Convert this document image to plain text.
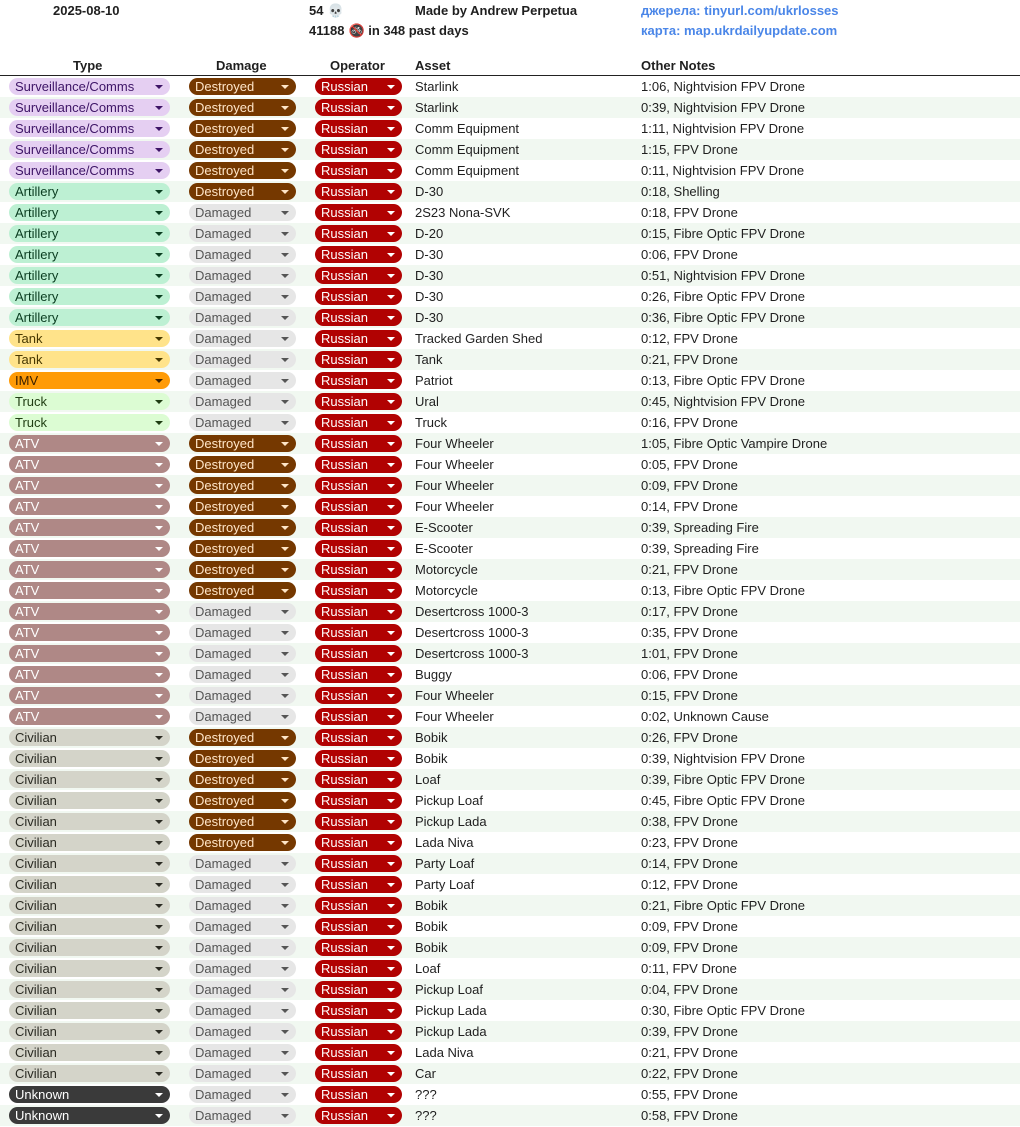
2025-08-10	54 💀
41188 🚳 in 348 past days
Made by Andrew Perpetua	джерела: tinyurl.com/ukrlosses
карта: map.ukrdailyupdate.com
Type	Damage	Operator Asset	Other Notes
Surveillance/Comms	Destroyed	Russian	Starlink	1:06, Nightvision FPV Drone
Surveillance/Comms	Destroyed	Russian	Starlink	0:39, Nightvision FPV Drone
Surveillance/Comms	Destroyed	Russian	Comm Equipment	1:11, Nightvision FPV Drone
Surveillance/Comms	Destroyed	Russian	Comm Equipment	1:15, FPV Drone
Surveillance/Comms	Destroyed	Russian	Comm Equipment	0:11, Nightvision FPV Drone
Artillery	Destroyed	Russian	D-30	0:18, Shelling
Artillery	Damaged	Russian	2S23 Nona-SVK	0:18, FPV Drone
Artillery	Damaged	Russian	D-20	0:15, Fibre Optic FPV Drone
Artillery	Damaged	Russian	D-30	0:06, FPV Drone
Artillery	Damaged	Russian	D-30	0:51, Nightvision FPV Drone
Artillery	Damaged	Russian	D-30	0:26, Fibre Optic FPV Drone
Artillery	Damaged	Russian	D-30	0:36, Fibre Optic FPV Drone
Tank	Damaged	Russian	Tracked Garden Shed	0:12, FPV Drone
Tank	Damaged	Russian	Tank	0:21, FPV Drone
IMV	Damaged	Russian	Patriot	0:13, Fibre Optic FPV Drone
Truck	Damaged	Russian	Ural	0:45, Nightvision FPV Drone
Truck	Damaged	Russian	Truck	0:16, FPV Drone
ATV	Destroyed	Russian	Four Wheeler	1:05, Fibre Optic Vampire Drone
ATV	Destroyed	Russian	Four Wheeler	0:05, FPV Drone
ATV	Destroyed	Russian	Four Wheeler	0:09, FPV Drone
ATV	Destroyed	Russian	Four Wheeler	0:14, FPV Drone
ATV	Destroyed	Russian	E-Scooter	0:39, Spreading Fire
ATV	Destroyed	Russian	E-Scooter	0:39, Spreading Fire
ATV	Destroyed	Russian	Motorcycle	0:21, FPV Drone
ATV	Destroyed	Russian	Motorcycle	0:13, Fibre Optic FPV Drone
ATV	Damaged	Russian	Desertcross 1000-3	0:17, FPV Drone
ATV	Damaged	Russian	Desertcross 1000-3	0:35, FPV Drone
ATV	Damaged	Russian	Desertcross 1000-3	1:01, FPV Drone
ATV	Damaged	Russian	Buggy	0:06, FPV Drone
ATV	Damaged	Russian	Four Wheeler	0:15, FPV Drone
ATV	Damaged	Russian	Four Wheeler	0:02, Unknown Cause
Civilian	Destroyed	Russian	Bobik	0:26, FPV Drone
Civilian	Destroyed	Russian	Bobik	0:39, Nightvision FPV Drone
Civilian	Destroyed	Russian	Loaf	0:39, Fibre Optic FPV Drone
Civilian	Destroyed	Russian	Pickup Loaf	0:45, Fibre Optic FPV Drone
Civilian	Destroyed	Russian	Pickup Lada	0:38, FPV Drone
Civilian	Destroyed	Russian	Lada Niva	0:23, FPV Drone
Civilian	Damaged	Russian	Party Loaf	0:14, FPV Drone
Civilian	Damaged	Russian	Party Loaf	0:12, FPV Drone
Civilian	Damaged	Russian	Bobik	0:21, Fibre Optic FPV Drone
Civilian	Damaged	Russian	Bobik	0:09, FPV Drone
Civilian	Damaged	Russian	Bobik	0:09, FPV Drone
Civilian	Damaged	Russian	Loaf	0:11, FPV Drone
Civilian	Damaged	Russian	Pickup Loaf	0:04, FPV Drone
Civilian	Damaged	Russian	Pickup Lada	0:30, Fibre Optic FPV Drone
Civilian	Damaged	Russian	Pickup Lada	0:39, FPV Drone
Civilian	Damaged	Russian	Lada Niva	0:21, FPV Drone
Civilian	Damaged	Russian	Car	0:22, FPV Drone
Unknown	Damaged	Russian	???	0:55, FPV Drone
Unknown	Damaged	Russian	???	0:58, FPV Drone
